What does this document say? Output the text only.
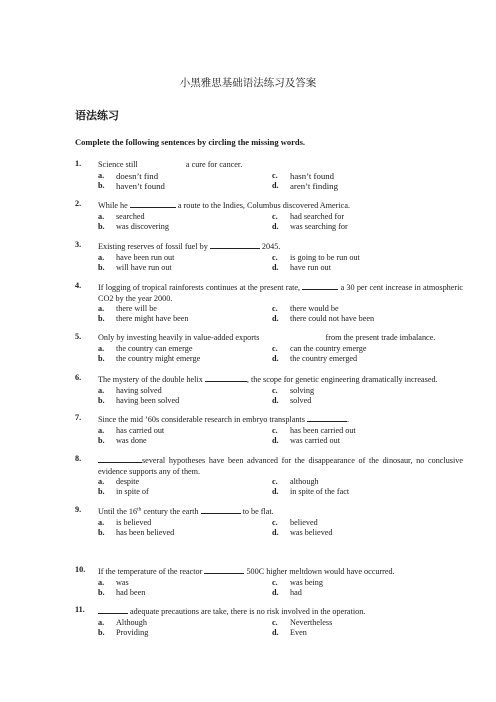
小黑雅思基础语法练习及答案
语法练习
Complete the following sentences by circling the missing words.
1.	Science still	a cure for cancer.
a.	doesn’t find	c.	hasn’t found
b.	haven’t found	d.	aren’t finding
2.	While he	a route to the Indies, Columbus discovered America.
a.	searched	c.	had searched for
b.	was discovering	d.	was searching for
3.	Existing reserves of fossil fuel by	2045.
a.	have been run out	c.	is going to be run out
b.	will have run out	d.	have run out
4.	If logging of tropical rainforests continues at the present rate,	a 30 per cent increase in atmospheric CO2 by the year 2000.
a.	there will be	c.	there would be
b.	there might have been	d.	there could not have been
5.	Only by investing heavily in value-added exports	from the present trade imbalance.
a.	the country can emerge	c.	can the country emerge
b.	the country might emerge	d.	the country emerged
6.	The mystery of the double helix	, the scope for genetic engineering dramatically increased.
a.	having solved	c.	solving
b.	having been solved	d.	solved
7.	Since the mid ’60s considerable research in embryo transplants	.
a.	has carried out	c.	has been carried out
b.	was done	d.	was carried out
8.	several hypotheses have been advanced for the disappearance of the dinosaur, no conclusive evidence supports any of them.
a.	despite	c.	although
b.	in spite of	d.	in spite of the fact
9.	Until the 16th century the earth	to be flat.
a.	is believed	c.	believed
b.	has been believed	d.	was believed
10.	If the temperature of the reactor	500C higher meltdown would have occurred.
a.	was	c.	was being
b.	had been	d.	had
11.	adequate precautions are take, there is no risk involved in the operation.
a.	Although	c.	Nevertheless
b.	Providing	d.	Even
